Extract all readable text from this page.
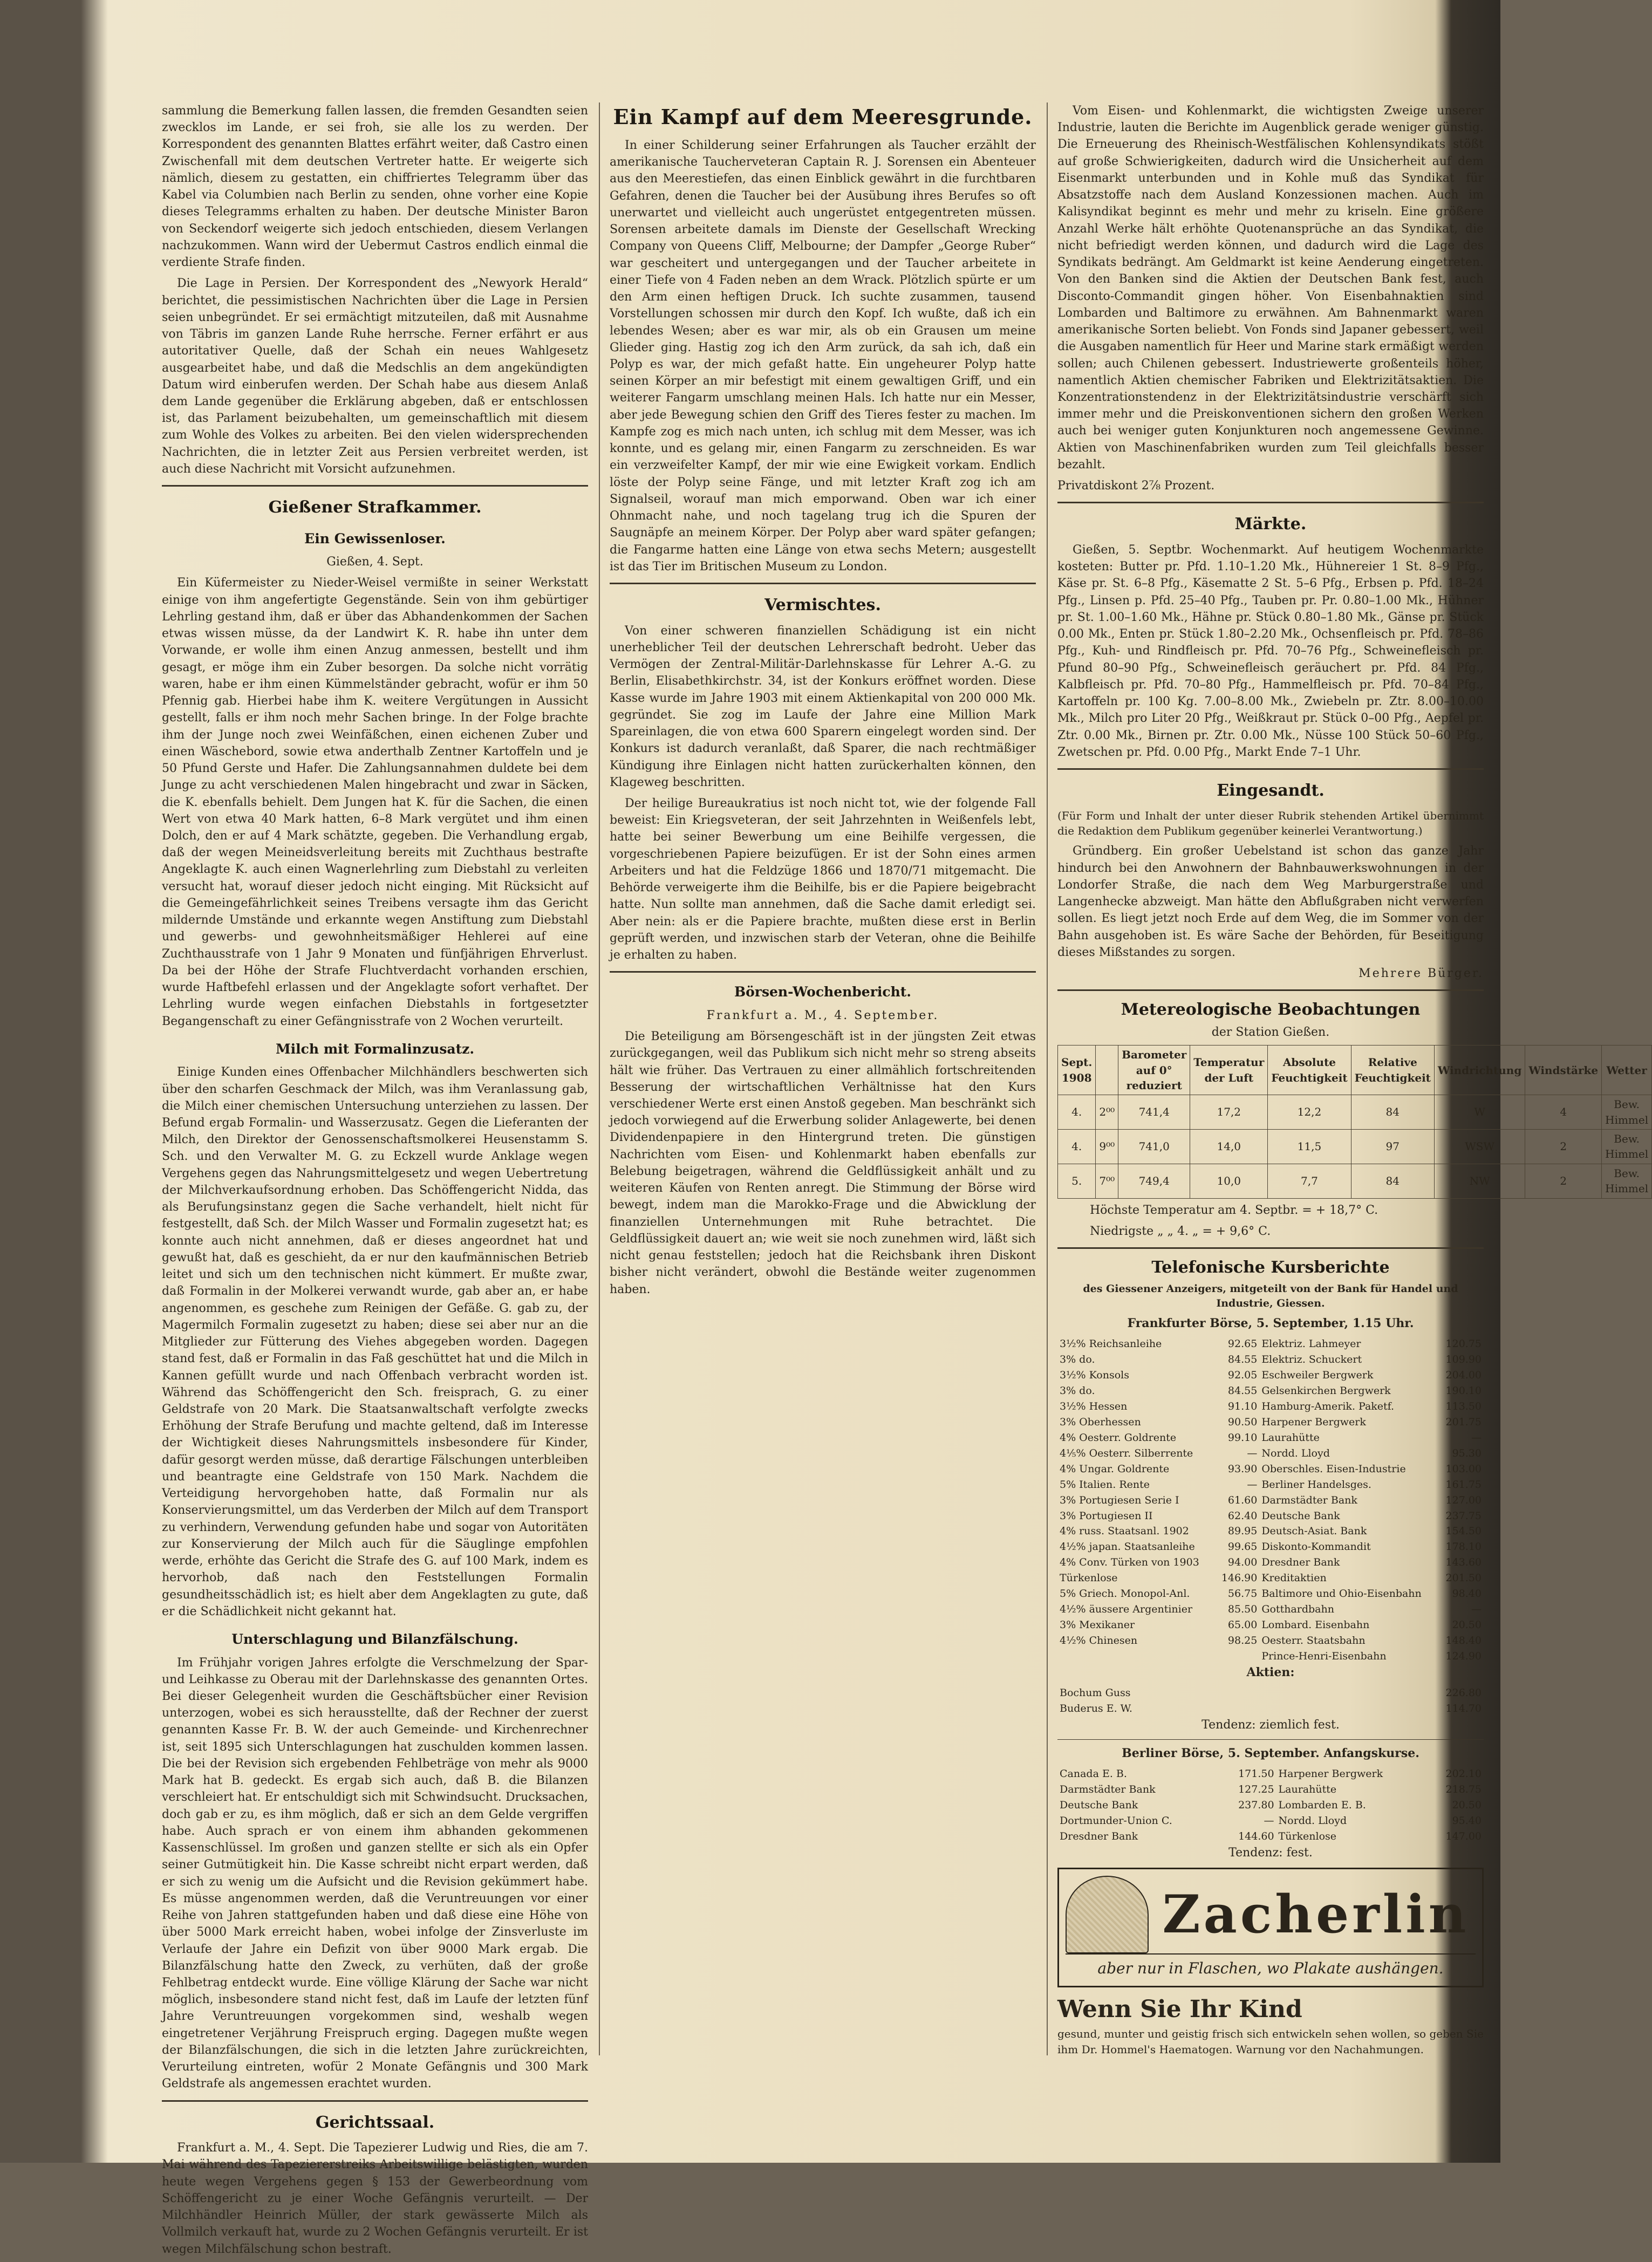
sammlung die Bemerkung fallen lassen, die fremden Gesandten seien zwecklos im Lande, er sei froh, sie alle los zu werden. Der Korrespondent des genannten Blattes erfährt weiter, daß Castro einen Zwischenfall mit dem deutschen Vertreter hatte. Er weigerte sich nämlich, diesem zu gestatten, ein chiffriertes Telegramm über das Kabel via Columbien nach Berlin zu senden, ohne vorher eine Kopie dieses Telegramms erhalten zu haben. Der deutsche Minister Baron von Seckendorf weigerte sich jedoch entschieden, diesem Verlangen nachzukommen. Wann wird der Uebermut Castros endlich einmal die verdiente Strafe finden.

Die Lage in Persien. Der Korrespondent des „Newyork Herald“ berichtet, die pessimistischen Nachrichten über die Lage in Persien seien unbegründet. Er sei ermächtigt mitzuteilen, daß mit Ausnahme von Täbris im ganzen Lande Ruhe herrsche. Ferner erfährt er aus autoritativer Quelle, daß der Schah ein neues Wahlgesetz ausgearbeitet habe, und daß die Medschlis an dem angekündigten Datum wird einberufen werden. Der Schah habe aus diesem Anlaß dem Lande gegenüber die Erklärung abgeben, daß er entschlossen ist, das Parlament beizubehalten, um gemeinschaftlich mit diesem zum Wohle des Volkes zu arbeiten. Bei den vielen widersprechenden Nachrichten, die in letzter Zeit aus Persien verbreitet werden, ist auch diese Nachricht mit Vorsicht aufzunehmen.

Gießener Strafkammer.
Ein Gewissenloser.

Gießen, 4. Sept.

Ein Küfermeister zu Nieder-Weisel vermißte in seiner Werkstatt einige von ihm angefertigte Gegenstände. Sein von ihm gebürtiger Lehrling gestand ihm, daß er über das Abhandenkommen der Sachen etwas wissen müsse, da der Landwirt K. R. habe ihn unter dem Vorwande, er wolle ihm einen Anzug anmessen, bestellt und ihm gesagt, er möge ihm ein Zuber besorgen. Da solche nicht vorrätig waren, habe er ihm einen Kümmelständer gebracht, wofür er ihm 50 Pfennig gab. Hierbei habe ihm K. weitere Vergütungen in Aussicht gestellt, falls er ihm noch mehr Sachen bringe. In der Folge brachte ihm der Junge noch zwei Weinfäßchen, einen eichenen Zuber und einen Wäschebord, sowie etwa anderthalb Zentner Kartoffeln und je 50 Pfund Gerste und Hafer. Die Zahlungsannahmen duldete bei dem Junge zu acht verschiedenen Malen hingebracht und zwar in Säcken, die K. ebenfalls behielt. Dem Jungen hat K. für die Sachen, die einen Wert von etwa 40 Mark hatten, 6–8 Mark vergütet und ihm einen Dolch, den er auf 4 Mark schätzte, gegeben. Die Verhandlung ergab, daß der wegen Meineidsverleitung bereits mit Zuchthaus bestrafte Angeklagte K. auch einen Wagnerlehrling zum Diebstahl zu verleiten versucht hat, worauf dieser jedoch nicht einging. Mit Rücksicht auf die Gemeingefährlichkeit seines Treibens versagte ihm das Gericht mildernde Umstände und erkannte wegen Anstiftung zum Diebstahl und gewerbs- und gewohnheitsmäßiger Hehlerei auf eine Zuchthausstrafe von 1 Jahr 9 Monaten und fünfjährigen Ehrverlust. Da bei der Höhe der Strafe Fluchtverdacht vorhanden erschien, wurde Haftbefehl erlassen und der Angeklagte sofort verhaftet. Der Lehrling wurde wegen einfachen Diebstahls in fortgesetzter Begangenschaft zu einer Gefängnisstrafe von 2 Wochen verurteilt.

Milch mit Formalinzusatz.

Einige Kunden eines Offenbacher Milchhändlers beschwerten sich über den scharfen Geschmack der Milch, was ihm Veranlassung gab, die Milch einer chemischen Untersuchung unterziehen zu lassen. Der Befund ergab Formalin- und Wasserzusatz. Gegen die Lieferanten der Milch, den Direktor der Genossenschaftsmolkerei Heusenstamm S. Sch. und den Verwalter M. G. zu Eckzell wurde Anklage wegen Vergehens gegen das Nahrungsmittelgesetz und wegen Uebertretung der Milchverkaufsordnung erhoben. Das Schöffengericht Nidda, das als Berufungsinstanz gegen die Sache verhandelt, hielt nicht für festgestellt, daß Sch. der Milch Wasser und Formalin zugesetzt hat; es konnte auch nicht annehmen, daß er dieses angeordnet hat und gewußt hat, daß es geschieht, da er nur den kaufmännischen Betrieb leitet und sich um den technischen nicht kümmert. Er mußte zwar, daß Formalin in der Molkerei verwandt wurde, gab aber an, er habe angenommen, es geschehe zum Reinigen der Gefäße. G. gab zu, der Magermilch Formalin zugesetzt zu haben; diese sei aber nur an die Mitglieder zur Fütterung des Viehes abgegeben worden. Dagegen stand fest, daß er Formalin in das Faß geschüttet hat und die Milch in Kannen gefüllt wurde und nach Offenbach verbracht worden ist. Während das Schöffengericht den Sch. freisprach, G. zu einer Geldstrafe von 20 Mark. Die Staatsanwaltschaft verfolgte zwecks Erhöhung der Strafe Berufung und machte geltend, daß im Interesse der Wichtigkeit dieses Nahrungsmittels insbesondere für Kinder, dafür gesorgt werden müsse, daß derartige Fälschungen unterbleiben und beantragte eine Geldstrafe von 150 Mark. Nachdem die Verteidigung hervorgehoben hatte, daß Formalin nur als Konservierungsmittel, um das Verderben der Milch auf dem Transport zu verhindern, Verwendung gefunden habe und sogar von Autoritäten zur Konservierung der Milch auch für die Säuglinge empfohlen werde, erhöhte das Gericht die Strafe des G. auf 100 Mark, indem es hervorhob, daß nach den Feststellungen Formalin gesundheitsschädlich ist; es hielt aber dem Angeklagten zu gute, daß er die Schädlichkeit nicht gekannt hat.

Unterschlagung und Bilanzfälschung.

Im Frühjahr vorigen Jahres erfolgte die Verschmelzung der Spar- und Leihkasse zu Oberau mit der Darlehnskasse des genannten Ortes. Bei dieser Gelegenheit wurden die Geschäftsbücher einer Revision unterzogen, wobei es sich herausstellte, daß der Rechner der zuerst genannten Kasse Fr. B. W. der auch Gemeinde- und Kirchenrechner ist, seit 1895 sich Unterschlagungen hat zuschulden kommen lassen. Die bei der Revision sich ergebenden Fehlbeträge von mehr als 9000 Mark hat B. gedeckt. Es ergab sich auch, daß B. die Bilanzen verschleiert hat. Er entschuldigt sich mit Schwindsucht. Drucksachen, doch gab er zu, es ihm möglich, daß er sich an dem Gelde vergriffen habe. Auch sprach er von einem ihm abhanden gekommenen Kassenschlüssel. Im großen und ganzen stellte er sich als ein Opfer seiner Gutmütigkeit hin. Die Kasse schreibt nicht erpart werden, daß er sich zu wenig um die Aufsicht und die Revision gekümmert habe. Es müsse angenommen werden, daß die Veruntreuungen vor einer Reihe von Jahren stattgefunden haben und daß diese eine Höhe von über 5000 Mark erreicht haben, wobei infolge der Zinsverluste im Verlaufe der Jahre ein Defizit von über 9000 Mark ergab. Die Bilanzfälschung hatte den Zweck, zu verhüten, daß der große Fehlbetrag entdeckt wurde. Eine völlige Klärung der Sache war nicht möglich, insbesondere stand nicht fest, daß im Laufe der letzten fünf Jahre Veruntreuungen vorgekommen sind, weshalb wegen eingetretener Verjährung Freispruch erging. Dagegen mußte wegen der Bilanzfälschungen, die sich in die letzten Jahre zurückreichten, Verurteilung eintreten, wofür 2 Monate Gefängnis und 300 Mark Geldstrafe als angemessen erachtet wurden.

Gerichtssaal.

Frankfurt a. M., 4. Sept. Die Tapezierer Ludwig und Ries, die am 7. Mai während des Tapeziererstreiks Arbeitswillige belästigten, wurden heute wegen Vergehens gegen § 153 der Gewerbeordnung vom Schöffengericht zu je einer Woche Gefängnis verurteilt. — Der Milchhändler Heinrich Müller, der stark gewässerte Milch als Vollmilch verkauft hat, wurde zu 2 Wochen Gefängnis verurteilt. Er ist wegen Milchfälschung schon bestraft.

Ein Kampf auf dem Meeresgrunde.

In einer Schilderung seiner Erfahrungen als Taucher erzählt der amerikanische Taucherveteran Captain R. J. Sorensen ein Abenteuer aus den Meerestiefen, das einen Einblick gewährt in die furchtbaren Gefahren, denen die Taucher bei der Ausübung ihres Berufes so oft unerwartet und vielleicht auch ungerüstet entgegentreten müssen. Sorensen arbeitete damals im Dienste der Gesellschaft Wrecking Company von Queens Cliff, Melbourne; der Dampfer „George Ruber“ war gescheitert und untergegangen und der Taucher arbeitete in einer Tiefe von 4 Faden neben an dem Wrack. Plötzlich spürte er um den Arm einen heftigen Druck. Ich suchte zusammen, tausend Vorstellungen schossen mir durch den Kopf. Ich wußte, daß ich ein lebendes Wesen; aber es war mir, als ob ein Grausen um meine Glieder ging. Hastig zog ich den Arm zurück, da sah ich, daß ein Polyp es war, der mich gefaßt hatte. Ein ungeheurer Polyp hatte seinen Körper an mir befestigt mit einem gewaltigen Griff, und ein weiterer Fangarm umschlang meinen Hals. Ich hatte nur ein Messer, aber jede Bewegung schien den Griff des Tieres fester zu machen. Im Kampfe zog es mich nach unten, ich schlug mit dem Messer, was ich konnte, und es gelang mir, einen Fangarm zu zerschneiden. Es war ein verzweifelter Kampf, der mir wie eine Ewigkeit vorkam. Endlich löste der Polyp seine Fänge, und mit letzter Kraft zog ich am Signalseil, worauf man mich emporwand. Oben war ich einer Ohnmacht nahe, und noch tagelang trug ich die Spuren der Saugnäpfe an meinem Körper. Der Polyp aber ward später gefangen; die Fangarme hatten eine Länge von etwa sechs Metern; ausgestellt ist das Tier im Britischen Museum zu London.

Vermischtes.

Von einer schweren finanziellen Schädigung ist ein nicht unerheblicher Teil der deutschen Lehrerschaft bedroht. Ueber das Vermögen der Zentral-Militär-Darlehnskasse für Lehrer A.-G. zu Berlin, Elisabethkirchstr. 34, ist der Konkurs eröffnet worden. Diese Kasse wurde im Jahre 1903 mit einem Aktienkapital von 200 000 Mk. gegründet. Sie zog im Laufe der Jahre eine Million Mark Spareinlagen, die von etwa 600 Sparern eingelegt worden sind. Der Konkurs ist dadurch veranlaßt, daß Sparer, die nach rechtmäßiger Kündigung ihre Einlagen nicht hatten zurückerhalten können, den Klageweg beschritten.

Der heilige Bureaukratius ist noch nicht tot, wie der folgende Fall beweist: Ein Kriegsveteran, der seit Jahrzehnten in Weißenfels lebt, hatte bei seiner Bewerbung um eine Beihilfe vergessen, die vorgeschriebenen Papiere beizufügen. Er ist der Sohn eines armen Arbeiters und hat die Feldzüge 1866 und 1870/71 mitgemacht. Die Behörde verweigerte ihm die Beihilfe, bis er die Papiere beigebracht hatte. Nun sollte man annehmen, daß die Sache damit erledigt sei. Aber nein: als er die Papiere brachte, mußten diese erst in Berlin geprüft werden, und inzwischen starb der Veteran, ohne die Beihilfe je erhalten zu haben.

Börsen-Wochenbericht.

Frankfurt a. M., 4. September.

Die Beteiligung am Börsengeschäft ist in der jüngsten Zeit etwas zurückgegangen, weil das Publikum sich nicht mehr so streng abseits hält wie früher. Das Vertrauen zu einer allmählich fortschreitenden Besserung der wirtschaftlichen Verhältnisse hat den Kurs verschiedener Werte erst einen Anstoß gegeben. Man beschränkt sich jedoch vorwiegend auf die Erwerbung solider Anlagewerte, bei denen Dividendenpapiere in den Hintergrund treten. Die günstigen Nachrichten vom Eisen- und Kohlenmarkt haben ebenfalls zur Belebung beigetragen, während die Geldflüssigkeit anhält und zu weiteren Käufen von Renten anregt. Die Stimmung der Börse wird bewegt, indem man die Marokko-Frage und die Abwicklung der finanziellen Unternehmungen mit Ruhe betrachtet. Die Geldflüssigkeit dauert an; wie weit sie noch zunehmen wird, läßt sich nicht genau feststellen; jedoch hat die Reichsbank ihren Diskont bisher nicht verändert, obwohl die Bestände weiter zugenommen haben.

Vom Eisen- und Kohlenmarkt, die wichtigsten Zweige unserer Industrie, lauten die Berichte im Augenblick gerade weniger günstig. Die Erneuerung des Rheinisch-Westfälischen Kohlensyndikats stößt auf große Schwierigkeiten, dadurch wird die Unsicherheit auf dem Eisenmarkt unterbunden und in Kohle muß das Syndikat für Absatzstoffe nach dem Ausland Konzessionen machen. Auch im Kalisyndikat beginnt es mehr und mehr zu kriseln. Eine größere Anzahl Werke hält erhöhte Quotenansprüche an das Syndikat, die nicht befriedigt werden können, und dadurch wird die Lage des Syndikats bedrängt. Am Geldmarkt ist keine Aenderung eingetreten. Von den Banken sind die Aktien der Deutschen Bank fest, auch Disconto-Commandit gingen höher. Von Eisenbahnaktien sind Lombarden und Baltimore zu erwähnen. Am Bahnenmarkt waren amerikanische Sorten beliebt. Von Fonds sind Japaner gebessert, weil die Ausgaben namentlich für Heer und Marine stark ermäßigt werden sollen; auch Chilenen gebessert. Industriewerte großenteils höher, namentlich Aktien chemischer Fabriken und Elektrizitätsaktien. Die Konzentrationstendenz in der Elektrizitätsindustrie verschärft sich immer mehr und die Preiskonventionen sichern den großen Werken auch bei weniger guten Konjunkturen noch angemessene Gewinne. Aktien von Maschinenfabriken wurden zum Teil gleichfalls besser bezahlt.

Privatdiskont 2⅞ Prozent.

Märkte.

Gießen, 5. Septbr. Wochenmarkt. Auf heutigem Wochenmarkte kosteten: Butter pr. Pfd. 1.10–1.20 Mk., Hühnereier 1 St. 8–9 Pfg., Käse pr. St. 6–8 Pfg., Käsematte 2 St. 5–6 Pfg., Erbsen p. Pfd. 18–24 Pfg., Linsen p. Pfd. 25–40 Pfg., Tauben pr. Pr. 0.80–1.00 Mk., Hühner pr. St. 1.00–1.60 Mk., Hähne pr. Stück 0.80–1.80 Mk., Gänse pr. Stück 0.00 Mk., Enten pr. Stück 1.80–2.20 Mk., Ochsenfleisch pr. Pfd. 78–86 Pfg., Kuh- und Rindfleisch pr. Pfd. 70–76 Pfg., Schweinefleisch pr. Pfund 80–90 Pfg., Schweinefleisch geräuchert pr. Pfd. 84 Pfg., Kalbfleisch pr. Pfd. 70–80 Pfg., Hammelfleisch pr. Pfd. 70–84 Pfg., Kartoffeln pr. 100 Kg. 7.00–8.00 Mk., Zwiebeln pr. Ztr. 8.00–10.00 Mk., Milch pro Liter 20 Pfg., Weißkraut pr. Stück 0–00 Pfg., Aepfel pr. Ztr. 0.00 Mk., Birnen pr. Ztr. 0.00 Mk., Nüsse 100 Stück 50–60 Pfg., Zwetschen pr. Pfd. 0.00 Pfg., Markt Ende 7–1 Uhr.

Eingesandt.

(Für Form und Inhalt der unter dieser Rubrik stehenden Artikel übernimmt die Redaktion dem Publikum gegenüber keinerlei Verantwortung.)

Gründberg. Ein großer Uebelstand ist schon das ganze Jahr hindurch bei den Anwohnern der Bahnbauwerkswohnungen in der Londorfer Straße, die nach dem Weg Marburgerstraße und Langenhecke abzweigt. Man hätte den Abflußgraben nicht verwerfen sollen. Es liegt jetzt noch Erde auf dem Weg, die im Sommer von der Bahn ausgehoben ist. Es wäre Sache der Behörden, für Beseitigung dieses Mißstandes zu sorgen.

Mehrere Bürger.

Metereologische Beobachtungen

der Station Gießen.

Sept. 1908		Barometer auf 0° reduziert	Temperatur der Luft	Absolute Feuchtigkeit	Relative Feuchtigkeit	Windrichtung	Windstärke	Wetter
4.	2⁰⁰	741,4	17,2	12,2	84	W	4	Bew. Himmel
4.	9⁰⁰	741,0	14,0	11,5	97	WSW	2	Bew. Himmel
5.	7⁰⁰	749,4	10,0	7,7	84	NW	2	Bew. Himmel

Höchste Temperatur am 4. Septbr. = + 18,7° C.

Niedrigste „ „ 4. „ = + 9,6° C.

Telefonische Kursberichte

des Giessener Anzeigers, mitgeteilt von der Bank für Handel und Industrie, Giessen.

Frankfurter Börse, 5. September, 1.15 Uhr.

3½% Reichsanleihe	92.65	Elektriz. Lahmeyer	120.75
3% do.	84.55	Elektriz. Schuckert	109.90
3½% Konsols	92.05	Eschweiler Bergwerk	204.00
3% do.	84.55	Gelsenkirchen Bergwerk	190.10
3½% Hessen	91.10	Hamburg-Amerik. Paketf.	113.50
3% Oberhessen	90.50	Harpener Bergwerk	201.75
4% Oesterr. Goldrente	99.10	Laurahütte	—
4⅕% Oesterr. Silberrente	—	Nordd. Lloyd	95.30
4% Ungar. Goldrente	93.90	Oberschles. Eisen-Industrie	103.00
5% Italien. Rente	—	Berliner Handelsges.	161.75
3% Portugiesen Serie I	61.60	Darmstädter Bank	127.00
3% Portugiesen II	62.40	Deutsche Bank	237.75
4% russ. Staatsanl. 1902	89.95	Deutsch-Asiat. Bank	154.50
4½% japan. Staatsanleihe	99.65	Diskonto-Kommandit	178.10
4% Conv. Türken von 1903	94.00	Dresdner Bank	143.60
Türkenlose	146.90	Kreditaktien	201.50
5% Griech. Monopol-Anl.	56.75	Baltimore und Ohio-Eisenbahn	98.40
4½% äussere Argentinier	85.50	Gotthardbahn	—
3% Mexikaner	65.00	Lombard. Eisenbahn	20.50
4½% Chinesen	98.25	Oesterr. Staatsbahn	148.40
		Prince-Henri-Eisenbahn	124.90

Aktien:

Bochum Guss	226.80
Buderus E. W.	114.70

Tendenz: ziemlich fest.

Berliner Börse, 5. September. Anfangskurse.

Canada E. B.	171.50	Harpener Bergwerk	202.10
Darmstädter Bank	127.25	Laurahütte	218.75
Deutsche Bank	237.80	Lombarden E. B.	20.50
Dortmunder-Union C.	—	Nordd. Lloyd	95.40
Dresdner Bank	144.60	Türkenlose	147.00

Tendenz: fest.

Zacherlin
aber nur in Flaschen, wo Plakate aushängen.
Wenn Sie Ihr Kind
gesund, munter und geistig frisch sich entwickeln sehen wollen, so geben Sie ihm Dr. Hommel's Haematogen. Warnung vor den Nachahmungen.
